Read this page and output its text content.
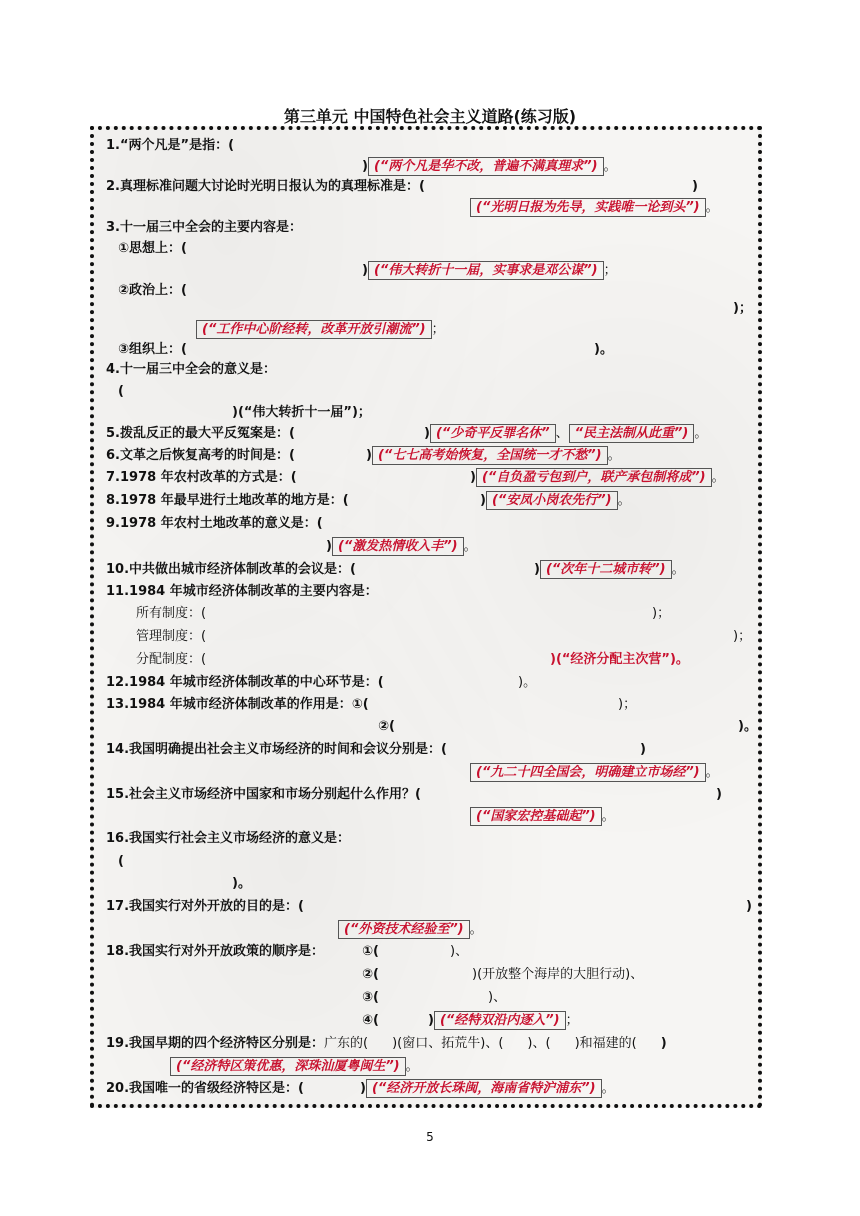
第三单元 中国特色社会主义道路(练习版)
1.“两个凡是”是指：(
) (“两个凡是华不改，普遍不满真理求”) 。
2.真理标准问题大讨论时光明日报认为的真理标准是：(	)
(“光明日报为先导，实践唯一论到头”) 。
3.十一届三中全会的主要内容是：
①思想上：(
) (“伟大转折十一届，实事求是邓公谋”) ；
②政治上：(
)；
(“工作中心阶经转，改革开放引潮流”) ；
③组织上：(	)。
4.十一届三中全会的意义是：
(
)(“伟大转折十一届”)；
5.拨乱反正的最大平反冤案是：(	) (“少奇平反罪名休” 、 “民主法制从此重”) 。
6.文革之后恢复高考的时间是：(	) (“七七高考始恢复，全国统一才不愁”) 。
7.1978 年农村改革的方式是：(	) (“自负盈亏包到户，联产承包制将成”) 。
8.1978 年最早进行土地改革的地方是：(	) (“安凤小岗农先行”) 。
9.1978 年农村土地改革的意义是：(
) (“激发热情收入丰”) 。
10.中共做出城市经济体制改革的会议是：(	) (“次年十二城市转”) 。
11.1984 年城市经济体制改革的主要内容是：
所有制度：(	)；
管理制度：(	)；
分配制度：(	)(“经济分配主次营”)。
12.1984 年城市经济体制改革的中心环节是：(	)。
13.1984 年城市经济体制改革的作用是：①(	)；
②(	)。
14.我国明确提出社会主义市场经济的时间和会议分别是：(	)
(“九二十四全国会，明确建立市场经”) 。
15.社会主义市场经济中国家和市场分别起什么作用？(	)
(“国家宏控基础起”) 。
16.我国实行社会主义市场经济的意义是：
(
)。
17.我国实行对外开放的目的是：(	)
(“外资技术经验至”) 。
18.我国实行对外开放政策的顺序是：	①(	)、
②(	)(开放整个海岸的大胆行动)、
③(	)、
④(	) (“经特双沿内逐入”) ；
19.我国早期的四个经济特区分别是：广东的( )(窗口、拓荒牛)、( )、( )和福建的( )
(“经济特区策优惠，深珠汕厦粤闽生”) 。
20.我国唯一的省级经济特区是：(	) (“经济开放长珠闽，海南省特沪浦东”) 。
5
